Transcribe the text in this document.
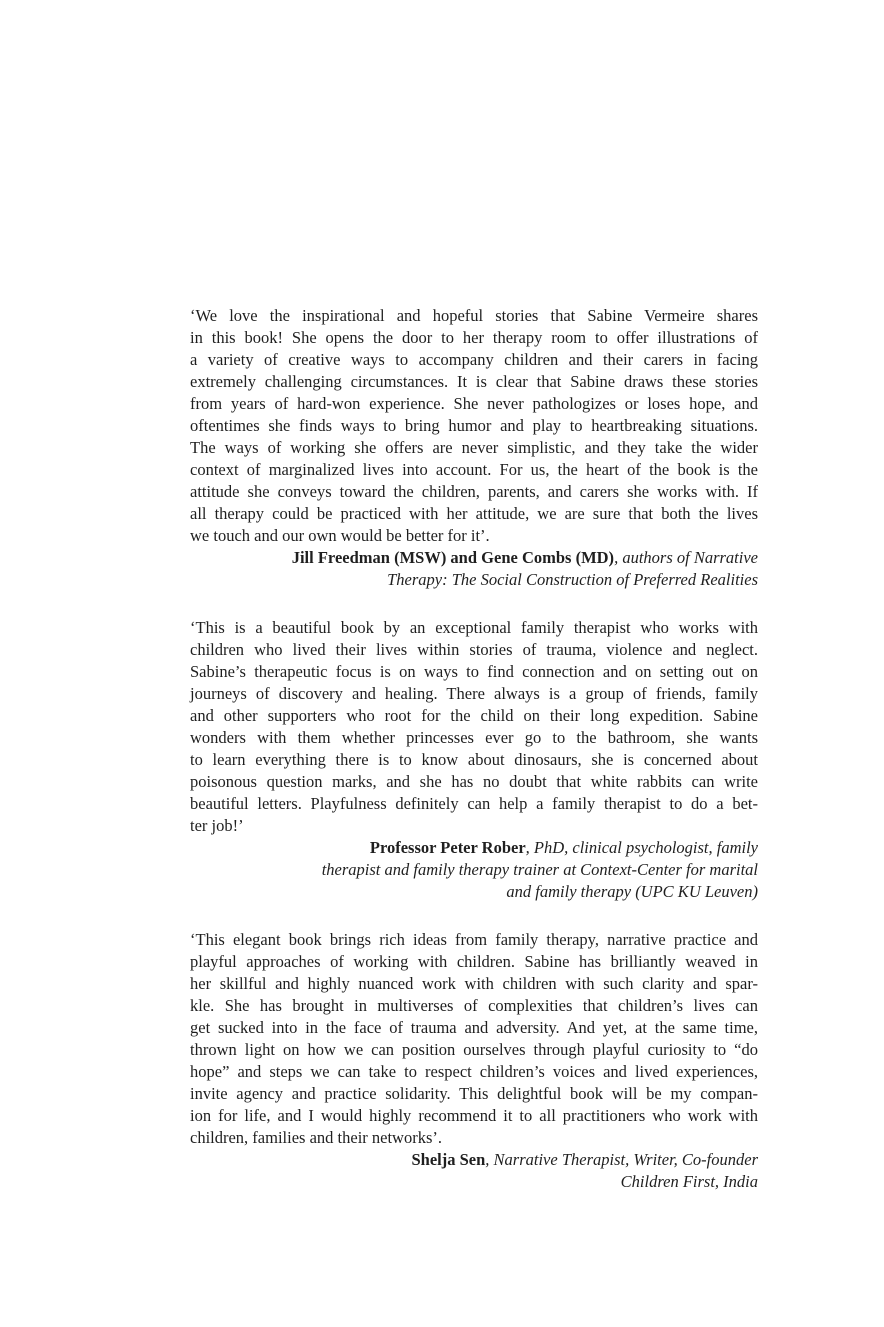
‘We love the inspirational and hopeful stories that Sabine Vermeire shares
in this book! She opens the door to her therapy room to offer illustrations of
a variety of creative ways to accompany children and their carers in facing
extremely challenging circumstances. It is clear that Sabine draws these stories
from years of hard-won experience. She never pathologizes or loses hope, and
oftentimes she finds ways to bring humor and play to heartbreaking situations.
The ways of working she offers are never simplistic, and they take the wider
context of marginalized lives into account. For us, the heart of the book is the
attitude she conveys toward the children, parents, and carers she works with. If
all therapy could be practiced with her attitude, we are sure that both the lives
we touch and our own would be better for it’.
Jill Freedman (MSW) and Gene Combs (MD), authors of Narrative
Therapy: The Social Construction of Preferred Realities
‘This is a beautiful book by an exceptional family therapist who works with
children who lived their lives within stories of trauma, violence and neglect.
Sabine’s therapeutic focus is on ways to find connection and on setting out on
journeys of discovery and healing. There always is a group of friends, family
and other supporters who root for the child on their long expedition. Sabine
wonders with them whether princesses ever go to the bathroom, she wants
to learn everything there is to know about dinosaurs, she is concerned about
poisonous question marks, and she has no doubt that white rabbits can write
beautiful letters. Playfulness definitely can help a family therapist to do a bet-
ter job!’
Professor Peter Rober, PhD, clinical psychologist, family
therapist and family therapy trainer at Context-Center for marital
and family therapy (UPC KU Leuven)
‘This elegant book brings rich ideas from family therapy, narrative practice and
playful approaches of working with children. Sabine has brilliantly weaved in
her skillful and highly nuanced work with children with such clarity and spar-
kle. She has brought in multiverses of complexities that children’s lives can
get sucked into in the face of trauma and adversity. And yet, at the same time,
thrown light on how we can position ourselves through playful curiosity to “do
hope” and steps we can take to respect children’s voices and lived experiences,
invite agency and practice solidarity. This delightful book will be my compan-
ion for life, and I would highly recommend it to all practitioners who work with
children, families and their networks’.
Shelja Sen, Narrative Therapist, Writer, Co-founder
Children First, India
